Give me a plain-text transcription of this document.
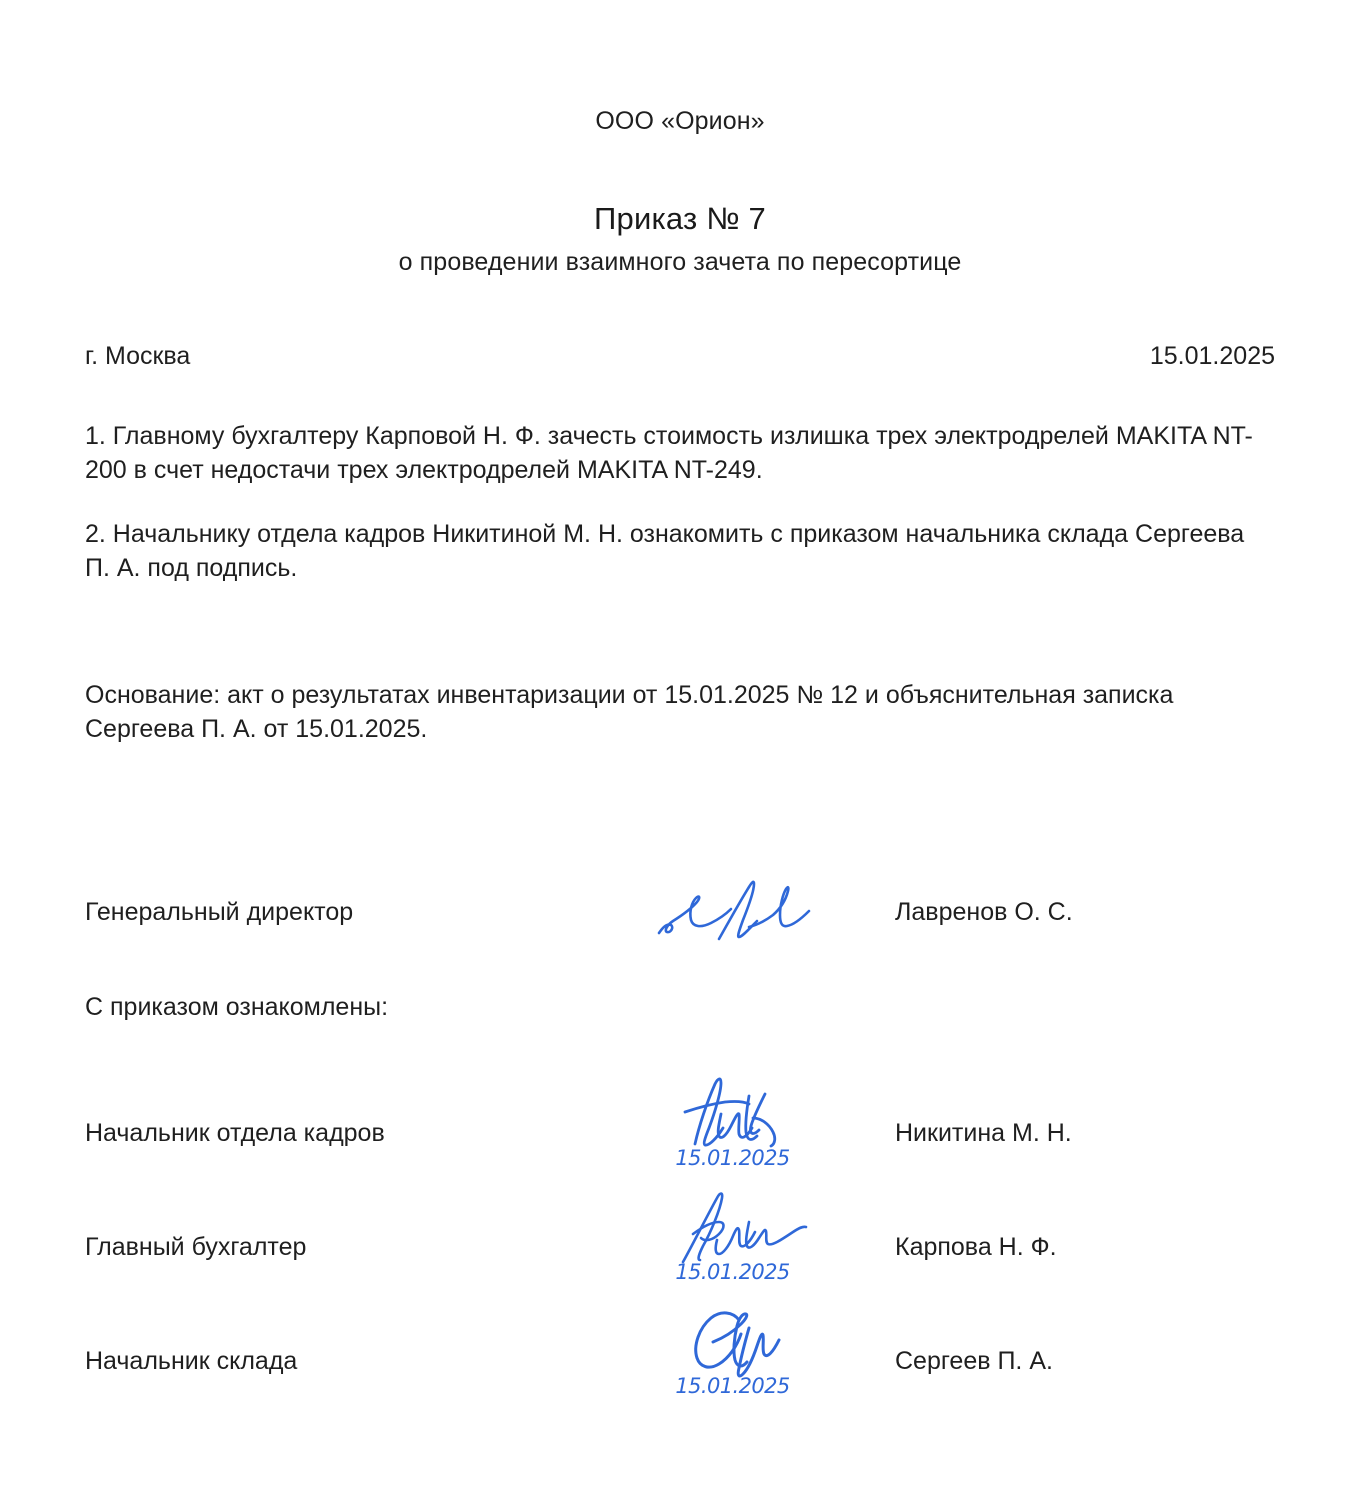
ООО «Орион»
Приказ № 7
о проведении взаимного зачета по пересортице
г. Москва	15.01.2025

1. Главному бухгалтеру Карповой Н. Ф. зачесть стоимость излишка трех электродрелей MAKITA NT-200 в счет недостачи трех электродрелей MAKITA NT-249.

2. Начальнику отдела кадров Никитиной М. Н. ознакомить с приказом начальника склада Сергеева П. А. под подпись.

Основание: акт о результатах инвентаризации от 15.01.2025 № 12 и объяснительная записка Сергеева П. А. от 15.01.2025.

Генеральный директор	Лавренов О. С.
С приказом ознакомлены:
Начальник отдела кадров
15.01.2025
Никитина М. Н.
Главный бухгалтер
15.01.2025
Карпова Н. Ф.
Начальник склада
15.01.2025
Сергеев П. А.
